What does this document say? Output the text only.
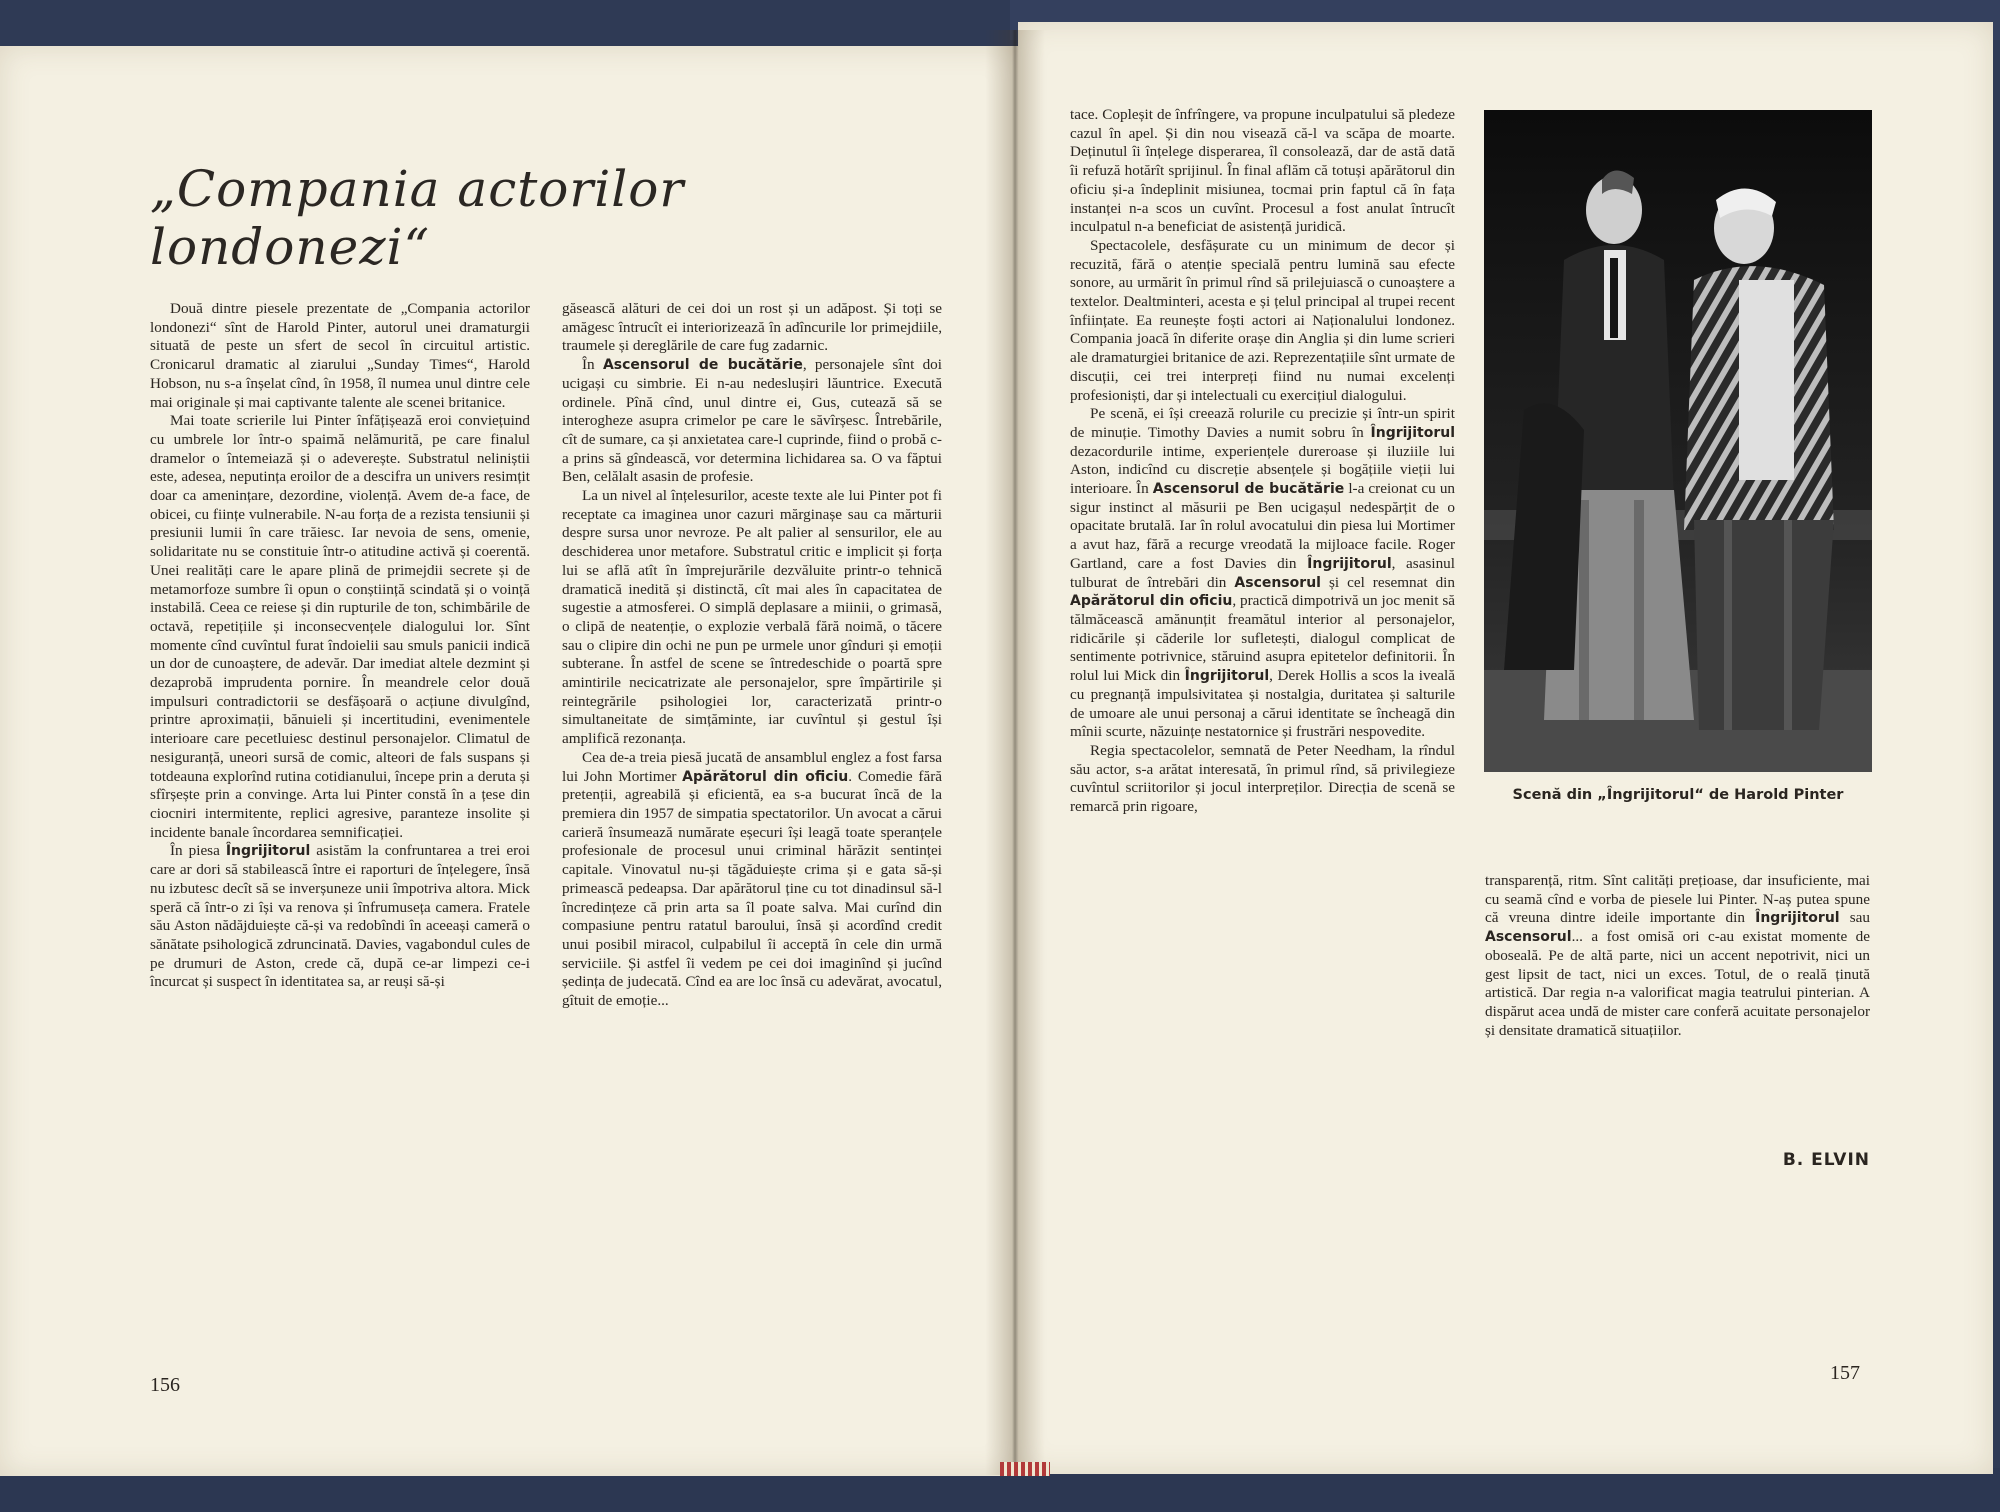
„Compania actorilor londonezi“

Două dintre piesele prezentate de „Compania actorilor londonezi“ sînt de Harold Pinter, autorul unei dramaturgii situată de peste un sfert de secol în circuitul artistic. Cronicarul dramatic al ziarului „Sunday Times“, Harold Hobson, nu s-a înșelat cînd, în 1958, îl numea unul dintre cele mai originale și mai captivante talente ale scenei britanice.

Mai toate scrierile lui Pinter înfățișează eroi conviețuind cu umbrele lor într-o spaimă nelămurită, pe care finalul dramelor o întemeiază și o adeverește. Substratul neliniștii este, adesea, neputința eroilor de a descifra un univers resimțit doar ca amenințare, dezordine, violență. Avem de-a face, de obicei, cu ființe vulnerabile. N-au forța de a rezista tensiunii și presiunii lumii în care trăiesc. Iar nevoia de sens, omenie, solidaritate nu se constituie într-o atitudine activă și coerentă. Unei realități care le apare plină de primejdii secrete și de metamorfoze sumbre îi opun o conștiință scindată și o voință instabilă. Ceea ce reiese și din rupturile de ton, schimbările de octavă, repetițiile și inconsecvențele dialogului lor. Sînt momente cînd cuvîntul furat îndoielii sau smuls panicii indică un dor de cunoaștere, de adevăr. Dar imediat altele dezmint și dezaprobă imprudenta pornire. În meandrele celor două impulsuri contradictorii se desfășoară o acțiune divulgînd, printre aproximații, bănuieli și incertitudini, evenimentele interioare care pecetluiesc destinul personajelor. Climatul de nesiguranță, uneori sursă de comic, alteori de fals suspans și totdeauna explorînd rutina cotidianului, începe prin a deruta și sfîrșește prin a convinge. Arta lui Pinter constă în a țese din ciocniri intermitente, replici agresive, paranteze insolite și incidente banale încordarea semnificației.

În piesa Îngrijitorul asistăm la confruntarea a trei eroi care ar dori să stabilească între ei raporturi de înțelegere, însă nu izbutesc decît să se inverșuneze unii împotriva altora. Mick speră că într-o zi își va renova și înfrumuseța camera. Fratele său Aston nădăjduiește că-și va redobîndi în aceeași cameră o sănătate psihologică zdruncinată. Davies, vagabondul cules de pe drumuri de Aston, crede că, după ce-ar limpezi ce-i încurcat și suspect în identitatea sa, ar reuși să-și

găsească alături de cei doi un rost și un adăpost. Și toți se amăgesc întrucît ei interiorizează în adîncurile lor primejdiile, traumele și dereglările de care fug zadarnic.

În Ascensorul de bucătărie, personajele sînt doi ucigași cu simbrie. Ei n-au nedeslușiri lăuntrice. Execută ordinele. Pînă cînd, unul dintre ei, Gus, cutează să se interogheze asupra crimelor pe care le săvîrșesc. Întrebările, cît de sumare, ca și anxietatea care-l cuprinde, fiind o probă c-a prins să gîndească, vor determina lichidarea sa. O va făptui Ben, celălalt asasin de profesie.

La un nivel al înțelesurilor, aceste texte ale lui Pinter pot fi receptate ca imaginea unor cazuri mărginașe sau ca mărturii despre sursa unor nevroze. Pe alt palier al sensurilor, ele au deschiderea unor metafore. Substratul critic e implicit și forța lui se află atît în împrejurările dezvăluite printr-o tehnică dramatică inedită și distinctă, cît mai ales în capacitatea de sugestie a atmosferei. O simplă deplasare a miinii, o grimasă, o clipă de neatenție, o explozie verbală fără noimă, o tăcere sau o clipire din ochi ne pun pe urmele unor gînduri și emoții subterane. În astfel de scene se întredeschide o poartă spre amintirile necicatrizate ale personajelor, spre împărtirile și reintegrările psihologiei lor, caracterizată printr-o simultaneitate de simțăminte, iar cuvîntul și gestul își amplifică rezonanța.

Cea de-a treia piesă jucată de ansamblul englez a fost farsa lui John Mortimer Apărătorul din oficiu. Comedie fără pretenții, agreabilă și eficientă, ea s-a bucurat încă de la premiera din 1957 de simpatia spectatorilor. Un avocat a cărui carieră însumează numărate eșecuri își leagă toate speranțele profesionale de procesul unui criminal hărăzit sentinței capitale. Vinovatul nu-și tăgăduiește crima și e gata să-și primească pedeapsa. Dar apărătorul ține cu tot dinadinsul să-l încredințeze că prin arta sa îl poate salva. Mai curînd din compasiune pentru ratatul baroului, însă și acordînd credit unui posibil miracol, culpabilul îi acceptă în cele din urmă serviciile. Și astfel îi vedem pe cei doi imaginînd și jucînd ședința de judecată. Cînd ea are loc însă cu adevărat, avocatul, gîtuit de emoție...

156

tace. Copleșit de înfrîngere, va propune inculpatului să pledeze cazul în apel. Și din nou visează că-l va scăpa de moarte. Deținutul îi înțelege disperarea, îl consolează, dar de astă dată îi refuză hotărît sprijinul. În final aflăm că totuși apărătorul din oficiu și-a îndeplinit misiunea, tocmai prin faptul că în fața instanței n-a scos un cuvînt. Procesul a fost anulat întrucît inculpatul n-a beneficiat de asistență juridică.

Spectacolele, desfășurate cu un minimum de decor și recuzită, fără o atenție specială pentru lumină sau efecte sonore, au urmărit în primul rînd să prilejuiască o cunoaștere a textelor. Dealtminteri, acesta e și țelul principal al trupei recent înființate. Ea reunește foști actori ai Naționalului londonez. Compania joacă în diferite orașe din Anglia și din lume scrieri ale dramaturgiei britanice de azi. Reprezentațiile sînt urmate de discuții, cei trei interpreți fiind nu numai excelenți profesioniști, dar și intelectuali cu exercițiul dialogului.

Pe scenă, ei își creează rolurile cu precizie și într-un spirit de minuție. Timothy Davies a numit sobru în Îngrijitorul dezacordurile intime, experiențele dureroase și iluziile lui Aston, indicînd cu discreție absențele și bogățiile vieții lui interioare. În Ascensorul de bucătărie l-a creionat cu un sigur instinct al măsurii pe Ben ucigașul nedespărțit de o opacitate brutală. Iar în rolul avocatului din piesa lui Mortimer a avut haz, fără a recurge vreodată la mijloace facile. Roger Gartland, care a fost Davies din Îngrijitorul, asasinul tulburat de întrebări din Ascensorul și cel resemnat din Apărătorul din oficiu, practică dimpotrivă un joc menit să tălmăcească amănunțit freamătul interior al personajelor, ridicările și căderile lor sufletești, dialogul complicat de sentimente potrivnice, stăruind asupra epitetelor definitorii. În rolul lui Mick din Îngrijitorul, Derek Hollis a scos la iveală cu pregnanță impulsivitatea și nostalgia, duritatea și salturile de umoare ale unui personaj a cărui identitate se încheagă din mînii scurte, năzuințe nestatornice și frustrări nespovedite.

Regia spectacolelor, semnată de Peter Needham, la rîndul său actor, s-a arătat interesată, în primul rînd, să privilegieze cuvîntul scriitorilor și jocul interpreților. Direcția de scenă se remarcă prin rigoare,

Scenă din „Îngrijitorul“ de Harold Pinter

transparență, ritm. Sînt calități prețioase, dar insuficiente, mai cu seamă cînd e vorba de piesele lui Pinter. N-aș putea spune că vreuna dintre ideile importante din Îngrijitorul sau Ascensorul... a fost omisă ori c-au existat momente de oboseală. Pe de altă parte, nici un accent nepotrivit, nici un gest lipsit de tact, nici un exces. Totul, de o reală ținută artistică. Dar regia n-a valorificat magia teatrului pinterian. A dispărut acea undă de mister care conferă acuitate personajelor și densitate dramatică situațiilor.

B. ELVIN
157
